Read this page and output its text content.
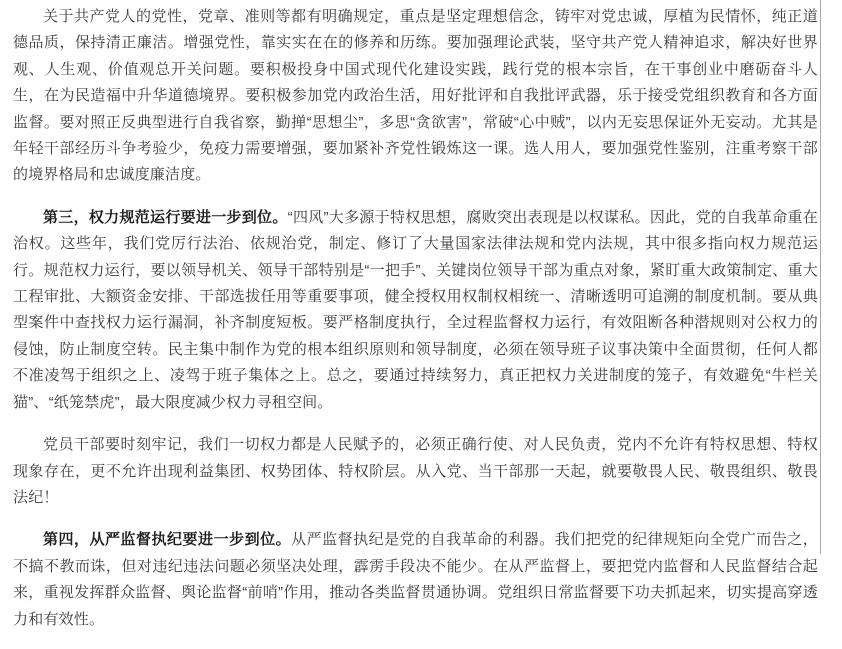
关于共产党人的党性，党章、准则等都有明确规定，重点是坚定理想信念，铸牢对党忠诚，厚植为民情怀，纯正道德品质，保持清正廉洁。增强党性，靠实实在在的修养和历练。要加强理论武装，坚守共产党人精神追求，解决好世界观、人生观、价值观总开关问题。要积极投身中国式现代化建设实践，践行党的根本宗旨，在干事创业中磨砺奋斗人生，在为民造福中升华道德境界。要积极参加党内政治生活，用好批评和自我批评武器，乐于接受党组织教育和各方面监督。要对照正反典型进行自我省察，勤掸“思想尘”，多思“贪欲害”，常破“心中贼”，以内无妄思保证外无妄动。尤其是年轻干部经历斗争考验少，免疫力需要增强，要加紧补齐党性锻炼这一课。选人用人，要加强党性鉴别，注重考察干部的境界格局和忠诚度廉洁度。

第三，权力规范运行要进一步到位。“四风”大多源于特权思想，腐败突出表现是以权谋私。因此，党的自我革命重在治权。这些年，我们党厉行法治、依规治党，制定、修订了大量国家法律法规和党内法规，其中很多指向权力规范运行。规范权力运行，要以领导机关、领导干部特别是“一把手”、关键岗位领导干部为重点对象，紧盯重大政策制定、重大工程审批、大额资金安排、干部选拔任用等重要事项，健全授权用权制权相统一、清晰透明可追溯的制度机制。要从典型案件中查找权力运行漏洞，补齐制度短板。要严格制度执行，全过程监督权力运行，有效阻断各种潜规则对公权力的侵蚀，防止制度空转。民主集中制作为党的根本组织原则和领导制度，必须在领导班子议事决策中全面贯彻，任何人都不准凌驾于组织之上、凌驾于班子集体之上。总之，要通过持续努力，真正把权力关进制度的笼子，有效避免“牛栏关猫”、“纸笼禁虎”，最大限度减少权力寻租空间。

党员干部要时刻牢记，我们一切权力都是人民赋予的，必须正确行使、对人民负责，党内不允许有特权思想、特权现象存在，更不允许出现利益集团、权势团体、特权阶层。从入党、当干部那一天起，就要敬畏人民、敬畏组织、敬畏法纪！

第四，从严监督执纪要进一步到位。从严监督执纪是党的自我革命的利器。我们把党的纪律规矩向全党广而告之，不搞不教而诛，但对违纪违法问题必须坚决处理，霹雳手段决不能少。在从严监督上，要把党内监督和人民监督结合起来，重视发挥群众监督、舆论监督“前哨”作用，推动各类监督贯通协调。党组织日常监督要下功夫抓起来，切实提高穿透力和有效性。
